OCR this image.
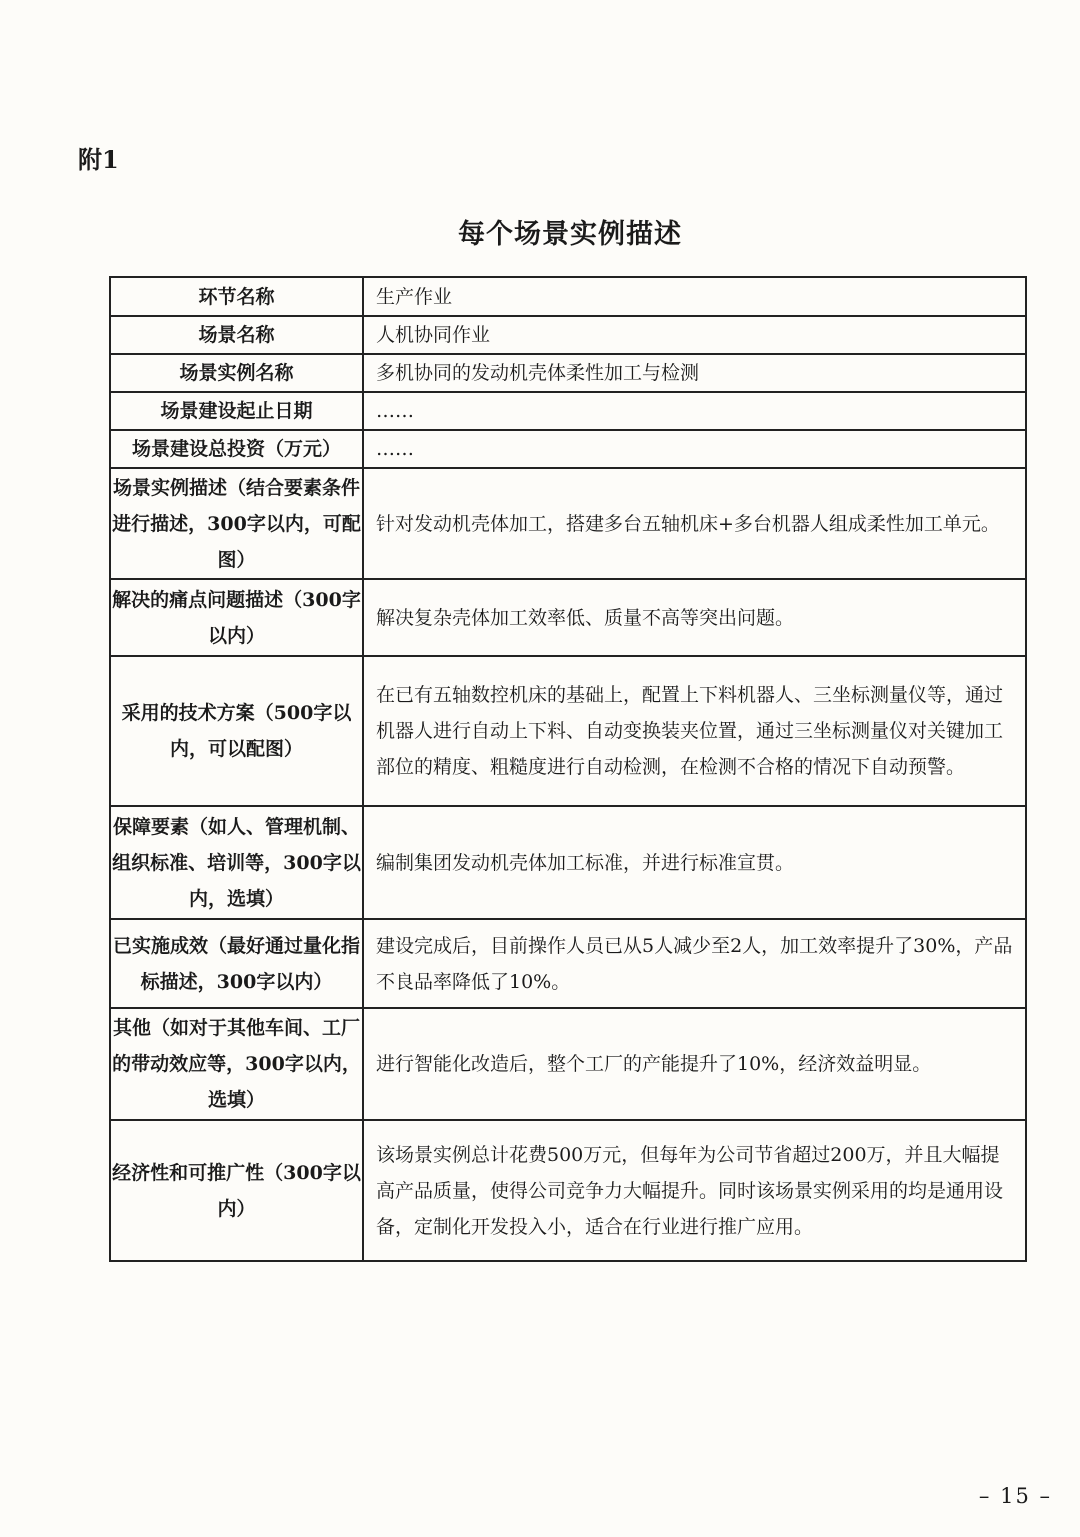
附1
每个场景实例描述
环节名称	生产作业
场景名称	人机协同作业
场景实例名称	多机协同的发动机壳体柔性加工与检测
场景建设起止日期	……
场景建设总投资（万元）	……
场景实例描述（结合要素条件进行描述，300字以内，可配图）	针对发动机壳体加工，搭建多台五轴机床+多台机器人组成柔性加工单元。
解决的痛点问题描述（300字以内）	解决复杂壳体加工效率低、质量不高等突出问题。
采用的技术方案（500字以内，可以配图）	在已有五轴数控机床的基础上，配置上下料机器人、三坐标测量仪等，通过机器人进行自动上下料、自动变换装夹位置，通过三坐标测量仪对关键加工部位的精度、粗糙度进行自动检测，在检测不合格的情况下自动预警。
保障要素（如人、管理机制、组织标准、培训等，300字以内，选填）	编制集团发动机壳体加工标准，并进行标准宣贯。
已实施成效（最好通过量化指标描述，300字以内）	建设完成后，目前操作人员已从5人减少至2人，加工效率提升了30%，产品不良品率降低了10%。
其他（如对于其他车间、工厂的带动效应等，300字以内，选填）	进行智能化改造后，整个工厂的产能提升了10%，经济效益明显。
经济性和可推广性（300字以内）	该场景实例总计花费500万元，但每年为公司节省超过200万，并且大幅提高产品质量，使得公司竞争力大幅提升。同时该场景实例采用的均是通用设备，定制化开发投入小，适合在行业进行推广应用。
– 15 –
